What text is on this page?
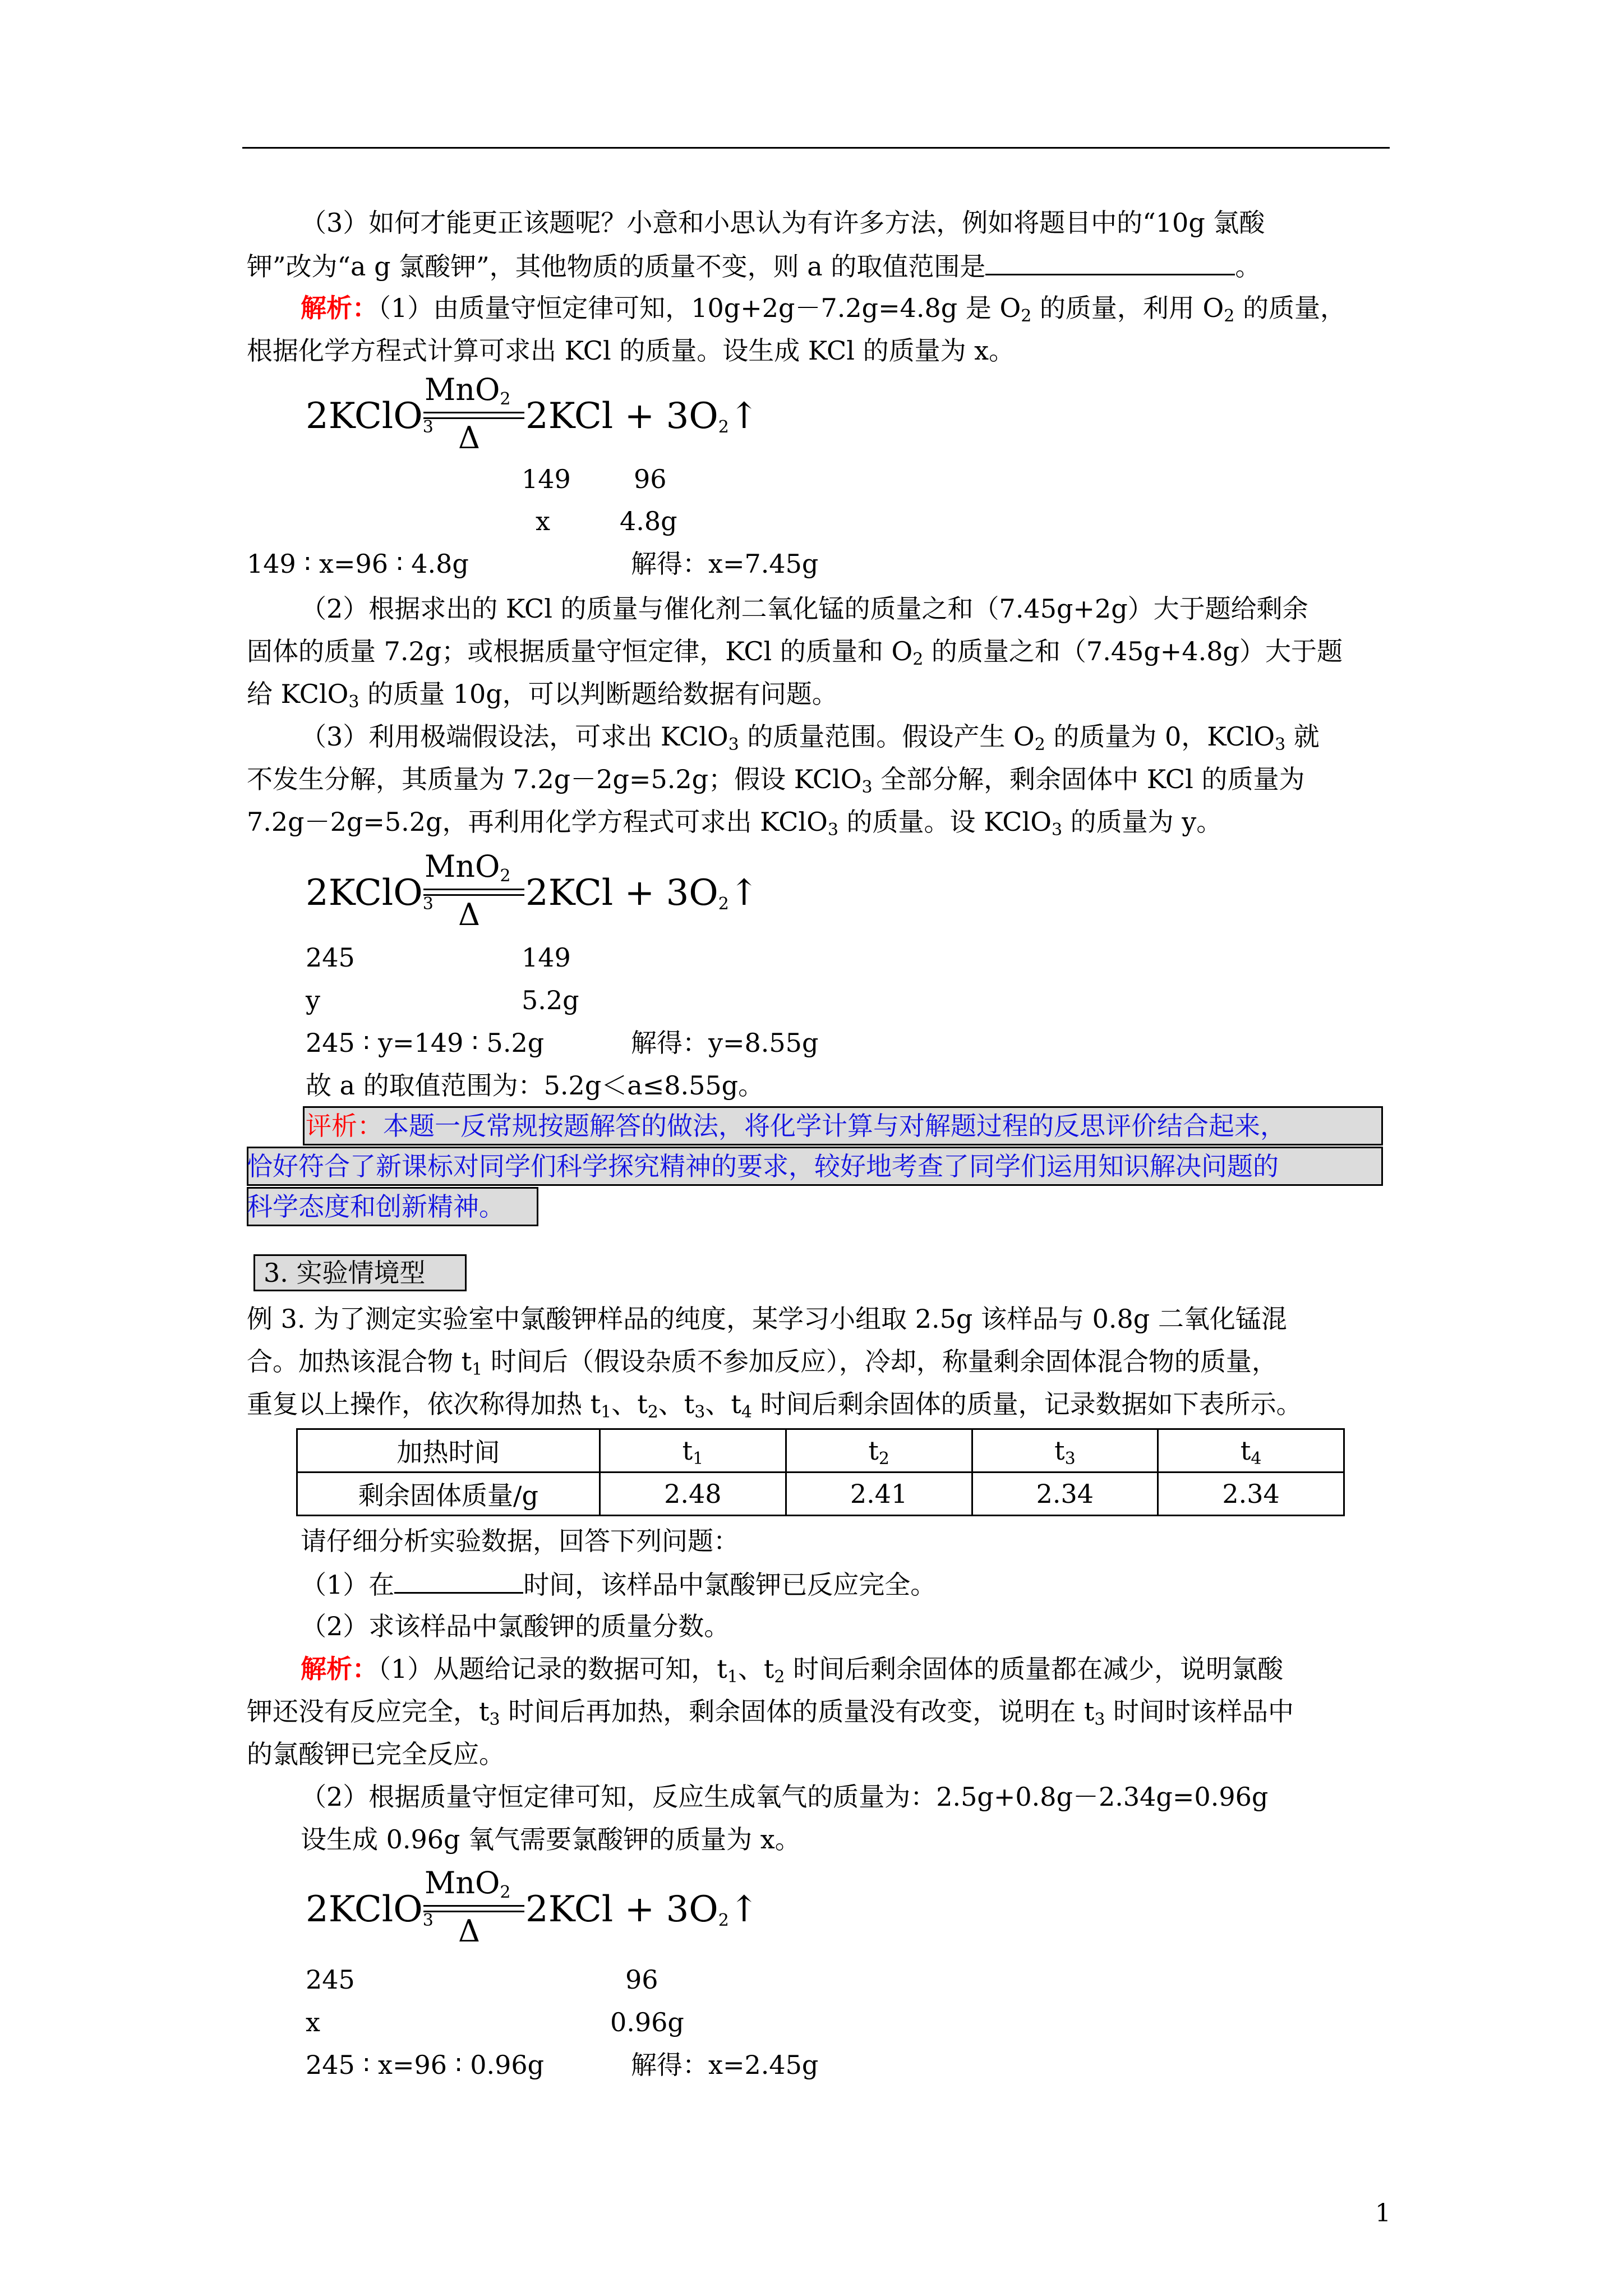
（3）如何才能更正该题呢？小意和小思认为有许多方法，例如将题目中的“10g 氯酸
钾”改为“a g 氯酸钾”，其他物质的质量不变，则 a 的取值范围是	。
解析：（1）由质量守恒定律可知，10g+2g－7.2g=4.8g 是 $O_2$ 的质量，利用 $O_2$ 的质量，
根据化学方程式计算可求出 KCl 的质量。设生成 KCl 的质量为 x。
MnO$_2$
2KClO$_3$ Δ
$2KCl + 3O_2↑$
149 96
x	4.8g
149 ∶ x=96 ∶ 4.8g	解得：x=7.45g
（2）根据求出的 KCl 的质量与催化剂二氧化锰的质量之和（7.45g+2g）大于题给剩余
固体的质量 7.2g；或根据质量守恒定律，KCl 的质量和 $O_2$ 的质量之和（7.45g+4.8g）大于题
给 KClO$_3$ 的质量 10g，可以判断题给数据有问题。
（3）利用极端假设法，可求出 KClO$_3$ 的质量范围。假设产生 $O_2$ 的质量为 0，KClO$_3$ 就
不发生分解，其质量为 7.2g－2g=5.2g；假设 KClO$_3$ 全部分解，剩余固体中 KCl 的质量为
7.2g－2g=5.2g，再利用化学方程式可求出 KClO$_3$ 的质量。设 KClO$_3$ 的质量为 y。
MnO$_2$
2KClO$_3$ Δ
$2KCl + 3O_2↑$
245	149
y	5.2g
245 ∶ y=149 ∶ 5.2g	解得：y=8.55g
故 a 的取值范围为：5.2g＜a≤8.55g。
评析：本题一反常规按题解答的做法，将化学计算与对解题过程的反思评价结合起来，
恰好符合了新课标对同学们科学探究精神的要求，较好地考查了同学们运用知识解决问题的
科学态度和创新精神。
3. 实验情境型
例 3. 为了测定实验室中氯酸钾样品的纯度，某学习小组取 2.5g 该样品与 0.8g 二氧化锰混
合。加热该混合物 $t_1$ 时间后（假设杂质不参加反应），冷却，称量剩余固体混合物的质量，
重复以上操作，依次称得加热 $t_1$、$t_2$、$t_3$、$t_4$ 时间后剩余固体的质量，记录数据如下表所示。
加热时间	$t_1$	$t_2$	$t_3$	$t_4$
剩余固体质量/g	2.48	2.41	2.34	2.34
请仔细分析实验数据，回答下列问题：
（1）在	时间，该样品中氯酸钾已反应完全。
（2）求该样品中氯酸钾的质量分数。
解析：（1）从题给记录的数据可知，$t_1$、$t_2$ 时间后剩余固体的质量都在减少，说明氯酸
钾还没有反应完全，$t_3$ 时间后再加热，剩余固体的质量没有改变，说明在 $t_3$ 时间时该样品中
的氯酸钾已完全反应。
（2）根据质量守恒定律可知，反应生成氧气的质量为：2.5g+0.8g－2.34g=0.96g
设生成 0.96g 氧气需要氯酸钾的质量为 x。
MnO$_2$
2KClO$_3$ Δ
$2KCl + 3O_2↑$
245	96
x	0.96g
245 ∶ x=96 ∶ 0.96g	解得：x=2.45g
1
